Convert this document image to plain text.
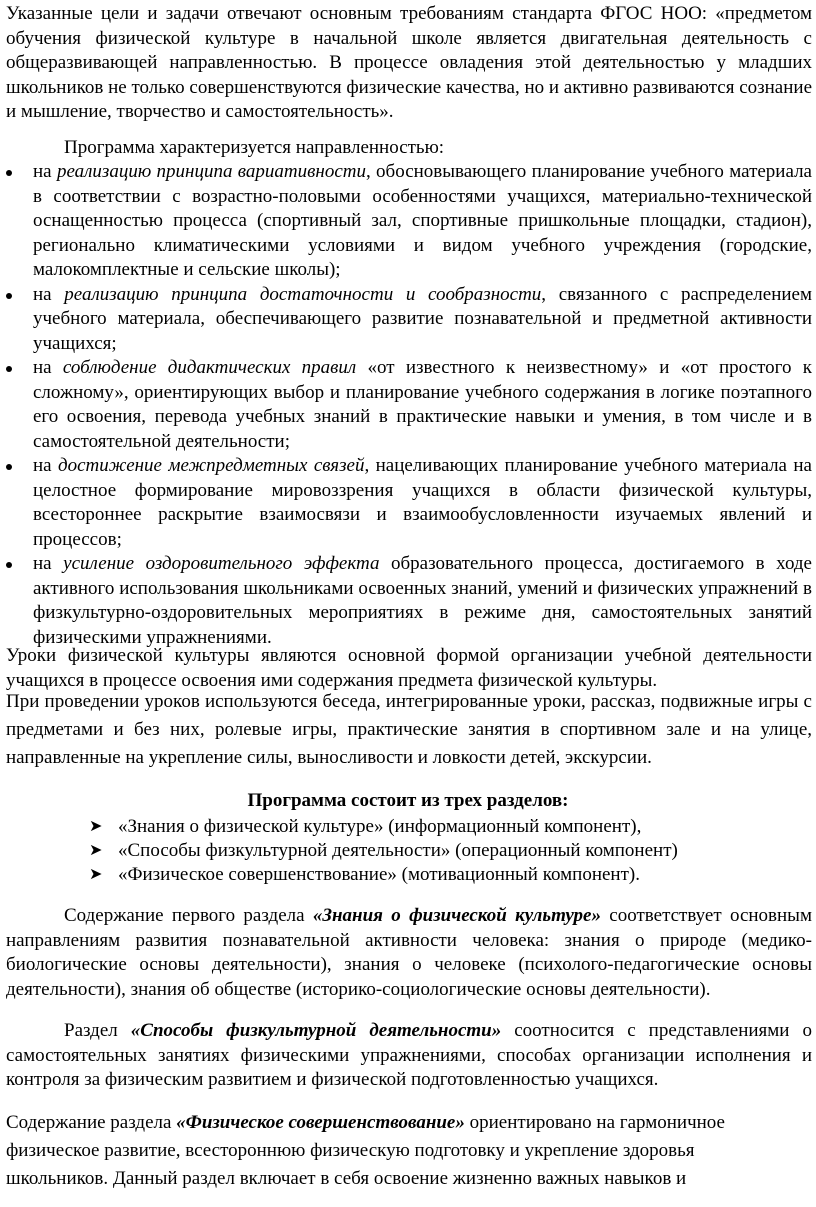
Указанные цели и задачи отвечают основным требованиям стандарта ФГОС НОО: «предметом обучения физической культуре в начальной школе является двигательная деятельность с общеразвивающей направленностью. В процессе овладения этой деятельностью у младших школьников не только совершенствуются физические качества, но и активно развиваются сознание и мышление, творчество и самостоятельность».

Программа характеризуется направленностью:

на реализацию принципа вариативности, обосновывающего планирование учебного материала в соответствии с возрастно-половыми особенностями учащихся, материально-технической оснащенностью процесса (спортивный зал, спортивные пришкольные площадки, стадион), регионально климатическими условиями и видом учебного учреждения (городские, малокомплектные и сельские школы);
на реализацию принципа достаточности и сообразности, связанного с распределением учебного материала, обеспечивающего развитие познавательной и предметной активности учащихся;
на соблюдение дидактических правил «от известного к неизвестному» и «от простого к сложному», ориентирующих выбор и планирование учебного содержания в логике поэтапного его освоения, перевода учебных знаний в практические навыки и умения, в том числе и в самостоятельной деятельности;
на достижение межпредметных связей, нацеливающих планирование учебного материала на целостное формирование мировоззрения учащихся в области физической культуры, всестороннее раскрытие взаимосвязи и взаимообусловленности изучаемых явлений и процессов;
на усиление оздоровительного эффекта образовательного процесса, достигаемого в ходе активного использования школьниками освоенных знаний, умений и физических упражнений в физкультурно-оздоровительных мероприятиях в режиме дня, самостоятельных занятий физическими упражнениями.

Уроки физической культуры являются основной формой организации учебной деятельности учащихся в процессе освоения ими содержания предмета физической культуры.

При проведении уроков используются беседа, интегрированные уроки, рассказ, подвижные игры с предметами и без них, ролевые игры, практические занятия в спортивном зале и на улице, направленные на укрепление силы, выносливости и ловкости детей, экскурсии.

Программа состоит из трех разделов:

➤ «Знания о физической культуре» (информационный компонент),
➤ «Способы физкультурной деятельности» (операционный компонент)
➤ «Физическое совершенствование» (мотивационный компонент).

Содержание первого раздела «Знания о физической культуре» соответствует основным направлениям развития познавательной активности человека: знания о природе (медико-биологические основы деятельности), знания о человеке (психолого-педагогические основы деятельности), знания об обществе (историко-социологические основы деятельности).

Раздел «Способы физкультурной деятельности» соотносится с представлениями о самостоятельных занятиях физическими упражнениями, способах организации исполнения и контроля за физическим развитием и физической подготовленностью учащихся.

Содержание раздела «Физическое совершенствование» ориентировано на гармоничное
физическое развитие, всестороннюю физическую подготовку и укрепление здоровья
школьников. Данный раздел включает в себя освоение жизненно важных навыков и
